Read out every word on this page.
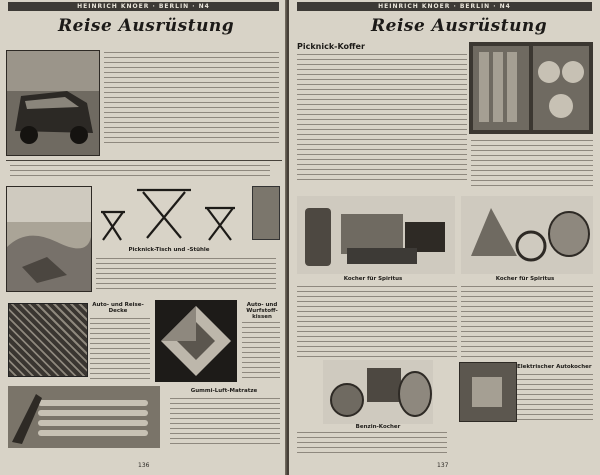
HEINRICH KNOER · BERLIN · N4
Reise Ausrüstung
Picknick-Tisch und -Stühle
Auto- und Reise-Decke
Auto- und Wurfstoff-kissen
Gummi-Luft-Matratze
136
HEINRICH KNOER · BERLIN · N4
Reise Ausrüstung
Picknick-Koffer
Kocher für Spiritus	Kocher für Spiritus
Benzin-Kocher
Elektrischer Autokocher
137
